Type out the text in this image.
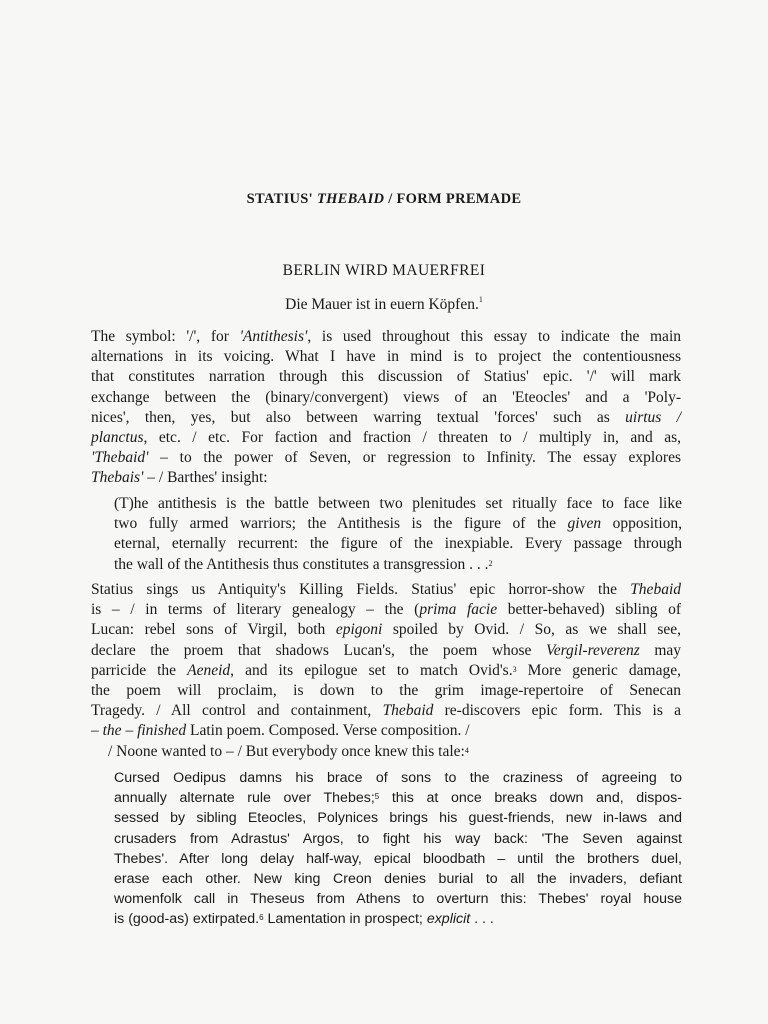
STATIUS' THEBAID / FORM PREMADE
BERLIN WIRD MAUERFREI
Die Mauer ist in euern Köpfen.$^1$
The symbol: '/', for 'Antithesis', is used throughout this essay to indicate the main
alternations in its voicing. What I have in mind is to project the contentiousness
that constitutes narration through this discussion of Statius' epic. '/' will mark
exchange between the (binary/convergent) views of an 'Eteocles' and a 'Poly-
nices', then, yes, but also between warring textual 'forces' such as uirtus /
planctus, etc. / etc. For faction and fraction / threaten to / multiply in, and as,
'Thebaid' – to the power of Seven, or regression to Infinity. The essay explores
Thebais' – / Barthes' insight:
(T)he antithesis is the battle between two plenitudes set ritually face to face like
two fully armed warriors; the Antithesis is the figure of the given opposition,
eternal, eternally recurrent: the figure of the inexpiable. Every passage through
the wall of the Antithesis thus constitutes a transgression . . .$^2$
Statius sings us Antiquity's Killing Fields. Statius' epic horror-show the Thebaid
is – / in terms of literary genealogy – the (prima facie better-behaved) sibling of
Lucan: rebel sons of Virgil, both epigoni spoiled by Ovid. / So, as we shall see,
declare the proem that shadows Lucan's, the poem whose Vergil-reverenz may
parricide the Aeneid, and its epilogue set to match Ovid's.$^3$ More generic damage,
the poem will proclaim, is down to the grim image-repertoire of Senecan
Tragedy. / All control and containment, Thebaid re-discovers epic form. This is a
– the – finished Latin poem. Composed. Verse composition. /
/ Noone wanted to – / But everybody once knew this tale:$^4$
Cursed Oedipus damns his brace of sons to the craziness of agreeing to
annually alternate rule over Thebes;$^5$ this at once breaks down and, dispos-
sessed by sibling Eteocles, Polynices brings his guest-friends, new in-laws and
crusaders from Adrastus' Argos, to fight his way back: 'The Seven against
Thebes'. After long delay half-way, epical bloodbath – until the brothers duel,
erase each other. New king Creon denies burial to all the invaders, defiant
womenfolk call in Theseus from Athens to overturn this: Thebes' royal house
is (good-as) extirpated.$^6$ Lamentation in prospect; explicit . . .
